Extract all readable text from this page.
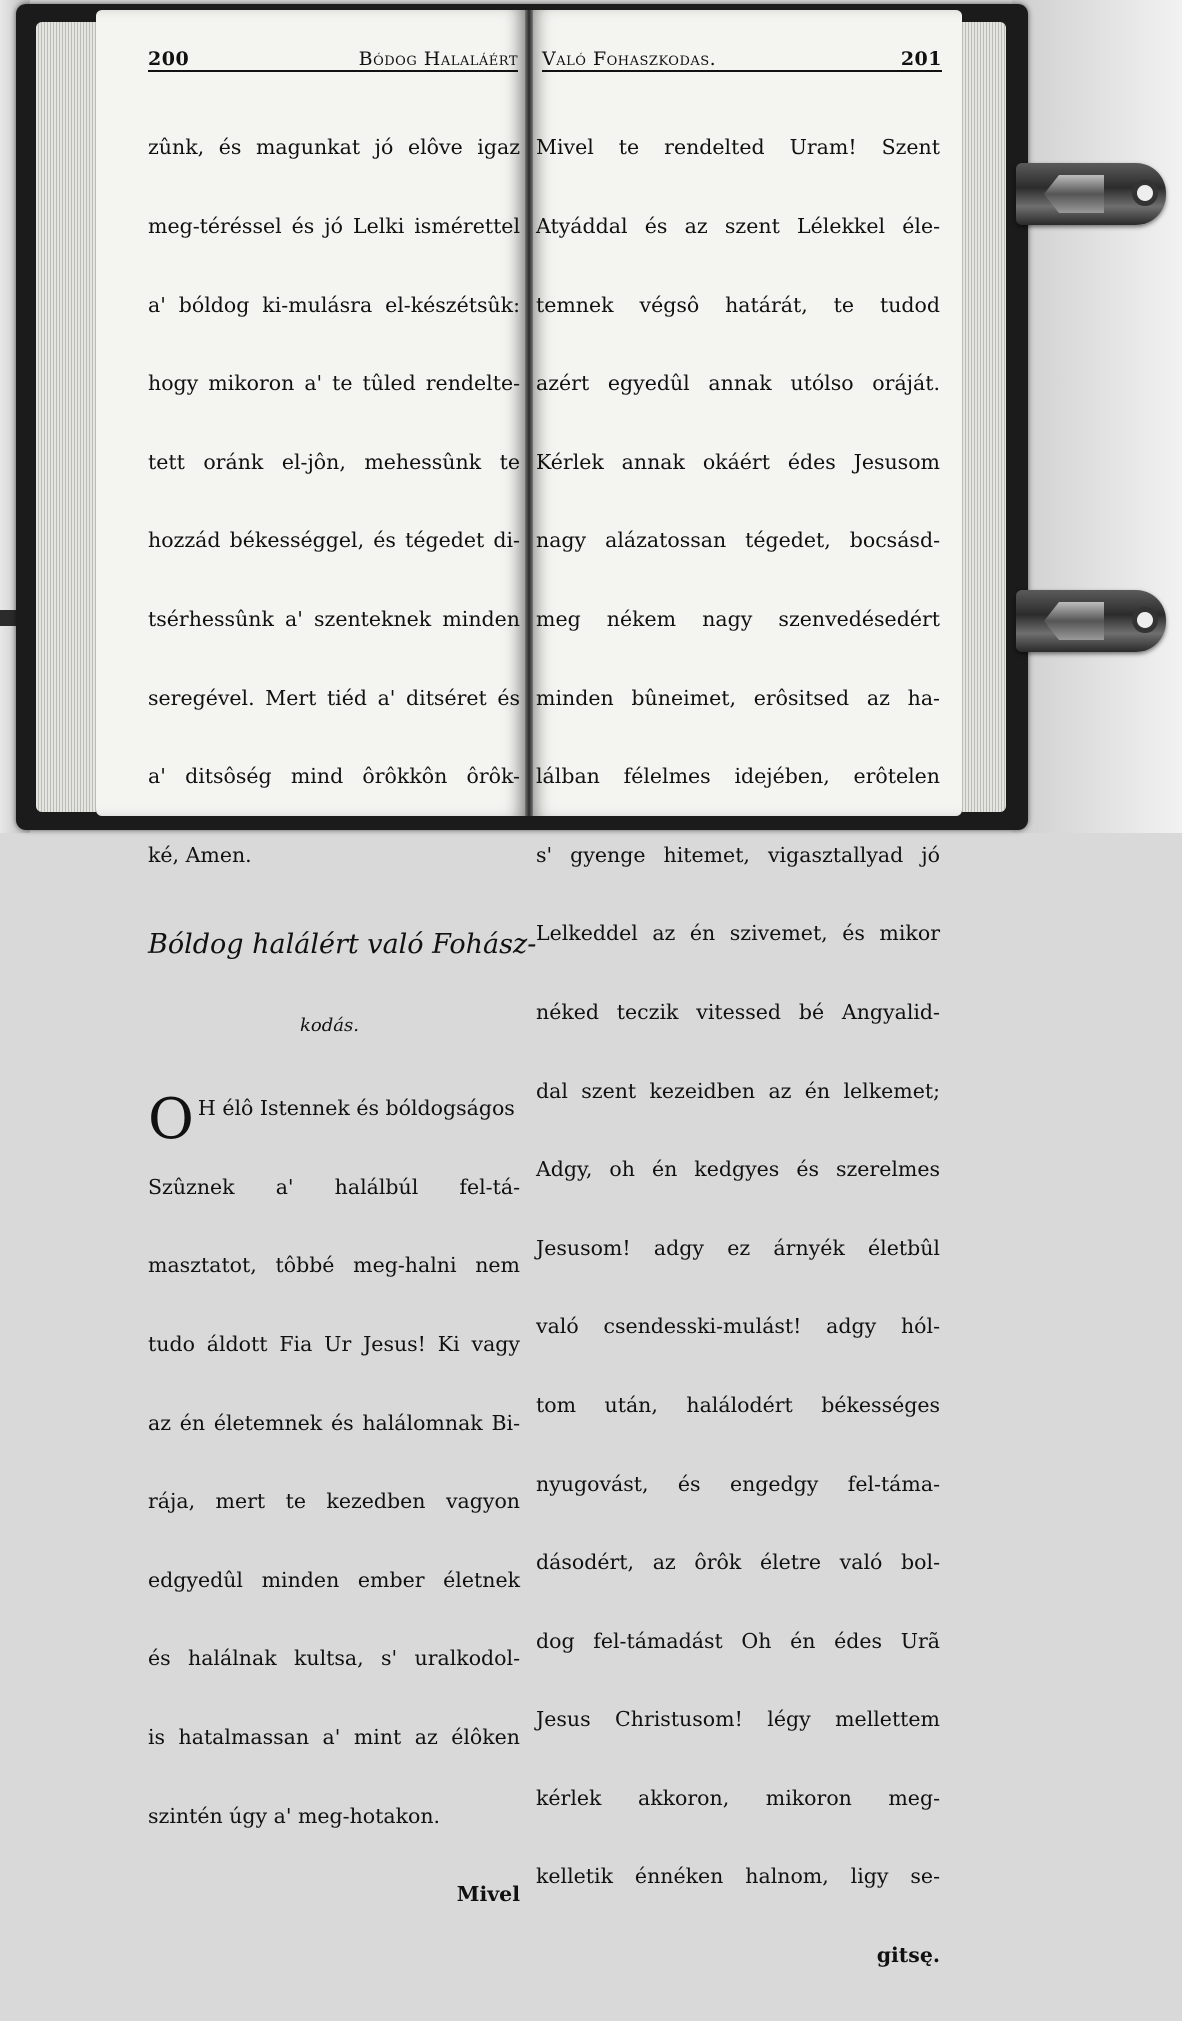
200	Bódog Halaláért

zûnk, és magunkat jó elôve igaz

meg-téréssel és jó Lelki ismérettel

a' bóldog ki-mulásra el-készétsûk:

hogy mikoron a' te tûled rendelte-

tett oránk el-jôn, mehessûnk te

hozzád békességgel, és tégedet di-

tsérhessûnk a' szenteknek minden

seregével. Mert tiéd a' ditséret és

a' ditsôség mind ôrôkkôn ôrôk-

ké, Amen.

Bóldog halálért való Fohász-

kodás.

O H élô Istennek és bóldogságos

Szûznek a' halálbúl fel-tá-

masztatot, tôbbé meg-halni nem

tudo áldott Fia Ur Jesus! Ki vagy

az én életemnek és halálomnak Bi-

rája, mert te kezedben vagyon

edgyedûl minden ember életnek

és halálnak kultsa, s' uralkodol-

is hatalmassan a' mint az élôken

szintén úgy a' meg-hotakon.

Mivel

Való Fohaszkodas.	201

Mivel te rendelted Uram! Szent

Atyáddal és az szent Lélekkel éle-

temnek végsô határát, te tudod

azért egyedûl annak utólso oráját.

Kérlek annak okáért édes Jesusom

nagy alázatossan tégedet, bocsásd-

meg nékem nagy szenvedésedért

minden bûneimet, erôsitsed az ha-

lálban félelmes idejében, erôtelen

s' gyenge hitemet, vigasztallyad jó

Lelkeddel az én szivemet, és mikor

néked teczik vitessed bé Angyalid-

dal szent kezeidben az én lelkemet;

Adgy, oh én kedgyes és szerelmes

Jesusom! adgy ez árnyék életbûl

való csendesski-mulást! adgy hól-

tom után, halálodért békességes

nyugovást, és engedgy fel-táma-

dásodért, az ôrôk életre való bol-

dog fel-támadást Oh én édes Urã

Jesus Christusom! légy mellettem

kérlek akkoron, mikoron meg-

kelletik énnéken halnom, ligy se-

gitsę.
